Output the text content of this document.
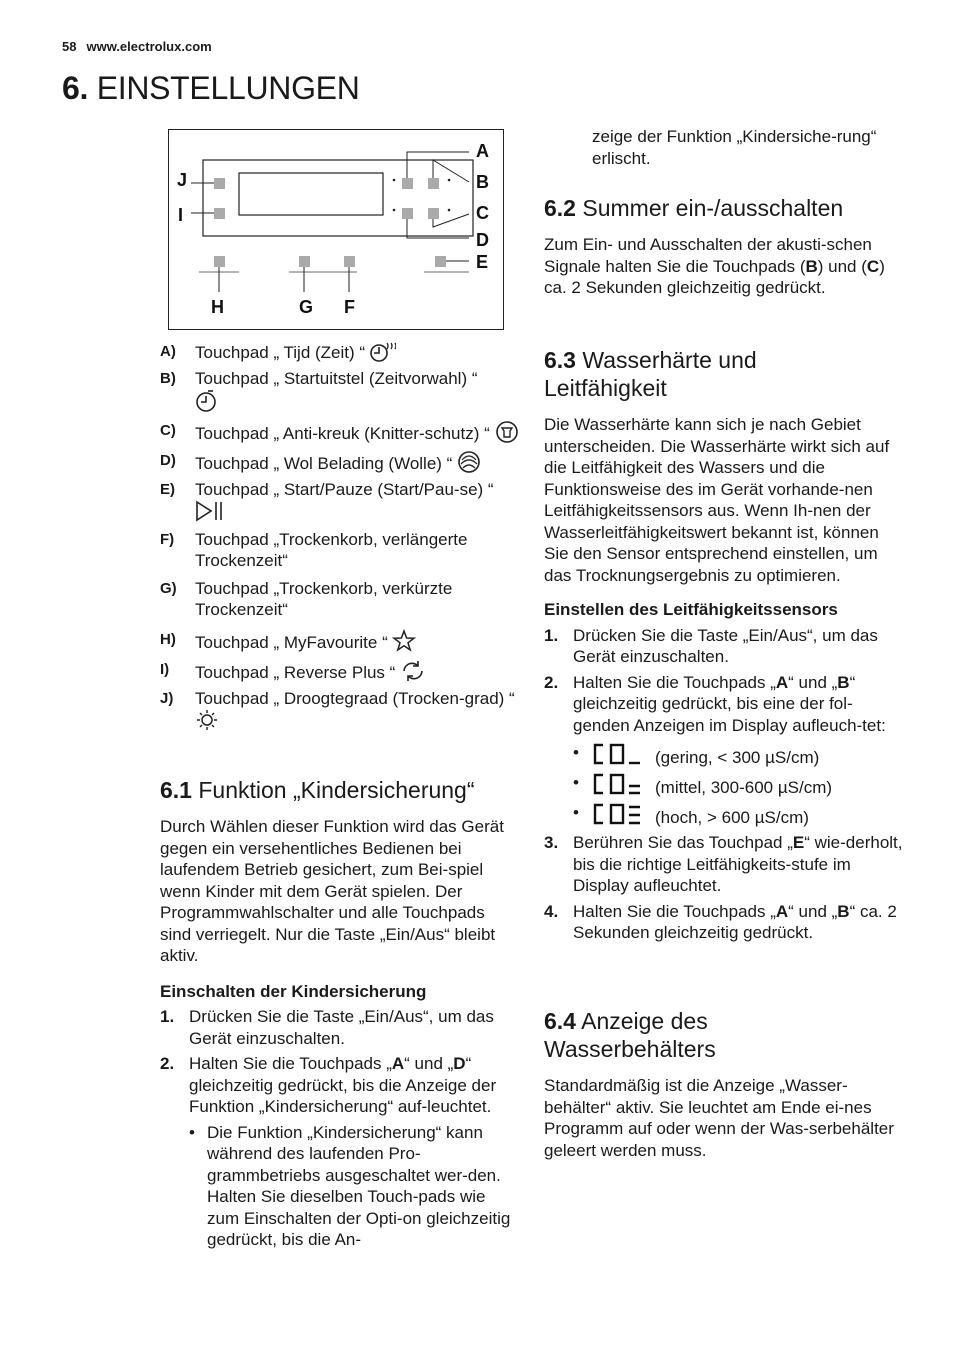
58 www.electrolux.com
6. EINSTELLUNGEN
A
B
C
D
E
J
I
H	G F
A)	Touchpad „ Tijd (Zeit) “
B)	Touchpad „ Startuitstel (Zeitvorwahl) “

C)	Touchpad „ Anti-kreuk (Knitter-schutz) “
D)	Touchpad „ Wol Belading (Wolle) “
E)	Touchpad „ Start/Pauze (Start/Pau-se) “
F)	Touchpad „Trockenkorb, verlängerte Trockenzeit“
G)	Touchpad „Trockenkorb, verkürzte Trockenzeit“
H)	Touchpad „ MyFavourite “
I)	Touchpad „ Reverse Plus “
J)	Touchpad „ Droogtegraad (Trocken-grad) “
6.1 Funktion „Kindersicherung“

Durch Wählen dieser Funktion wird das Gerät gegen ein versehentliches Bedienen bei laufendem Betrieb gesichert, zum Bei-spiel wenn Kinder mit dem Gerät spielen. Der Programmwahlschalter und alle Touchpads sind verriegelt. Nur die Taste „Ein/Aus“ bleibt aktiv.

Einschalten der Kindersicherung
1. Drücken Sie die Taste „Ein/Aus“, um das Gerät einzuschalten.
2. Halten Sie die Touchpads „A“ und „D“ gleichzeitig gedrückt, bis die Anzeige der Funktion „Kindersicherung“ auf-leuchtet.
• Die Funktion „Kindersicherung“ kann während des laufenden Pro-grammbetriebs ausgeschaltet wer-den. Halten Sie dieselben Touch-pads wie zum Einschalten der Opti-on gleichzeitig gedrückt, bis die An-
zeige der Funktion „Kindersiche-rung“ erlischt.
6.2 Summer ein-/ausschalten

Zum Ein- und Ausschalten der akusti-schen Signale halten Sie die Touchpads (B) und (C) ca. 2 Sekunden gleichzeitig gedrückt.

6.3 Wasserhärte und Leitfähigkeit

Die Wasserhärte kann sich je nach Gebiet unterscheiden. Die Wasserhärte wirkt sich auf die Leitfähigkeit des Wassers und die Funktionsweise des im Gerät vorhande-nen Leitfähigkeitssensors aus. Wenn Ih-nen der Wasserleitfähigkeitswert bekannt ist, können Sie den Sensor entsprechend einstellen, um das Trocknungsergebnis zu optimieren.

Einstellen des Leitfähigkeitssensors
1. Drücken Sie die Taste „Ein/Aus“, um das Gerät einzuschalten.
2. Halten Sie die Touchpads „A“ und „B“ gleichzeitig gedrückt, bis eine der fol-genden Anzeigen im Display aufleuch-tet:
•	(gering, < 300 µS/cm)
•	(mittel, 300-600 µS/cm)
•	(hoch, > 600 µS/cm)
3. Berühren Sie das Touchpad „E“ wie-derholt, bis die richtige Leitfähigkeits-stufe im Display aufleuchtet.
4. Halten Sie die Touchpads „A“ und „B“ ca. 2 Sekunden gleichzeitig gedrückt.
6.4 Anzeige des Wasserbehälters

Standardmäßig ist die Anzeige „Wasser-behälter“ aktiv. Sie leuchtet am Ende ei-nes Programm auf oder wenn der Was-serbehälter geleert werden muss.
